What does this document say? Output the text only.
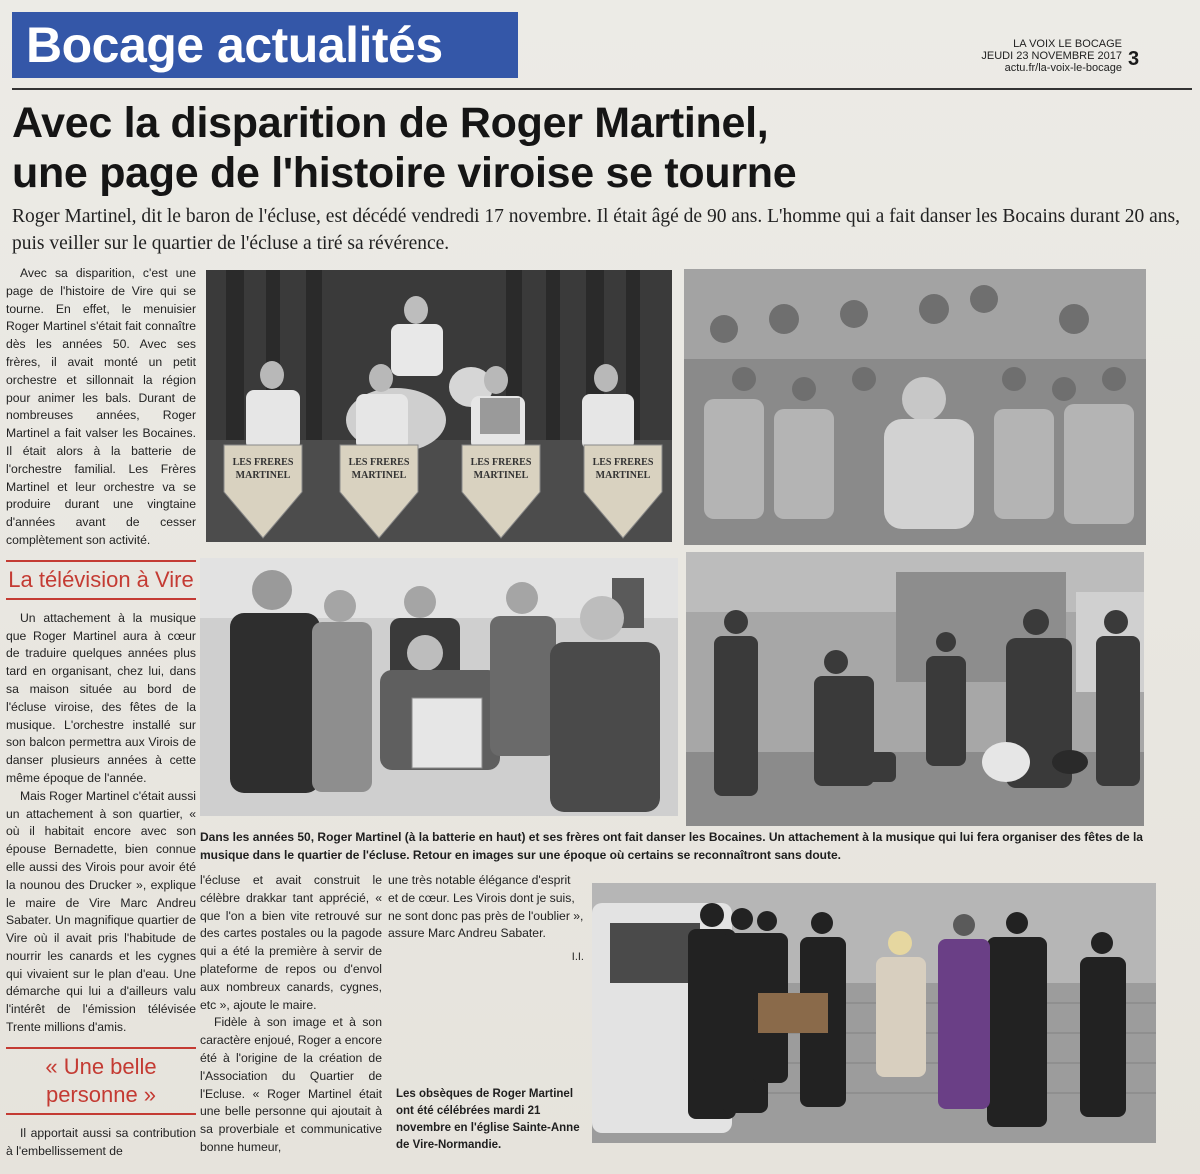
Bocage actualités	LA VOIX LE BOCAGE
JEUDI 23 NOVEMBRE 2017
actu.fr/la-voix-le-bocage 3
Avec la disparition de Roger Martinel,
une page de l'histoire viroise se tourne
Roger Martinel, dit le baron de l'écluse, est décédé vendredi 17 novembre. Il était âgé de 90 ans. L'homme qui a fait danser les Bocains durant 20 ans, puis veiller sur le quartier de l'écluse a tiré sa révérence.

Avec sa disparition, c'est une page de l'histoire de Vire qui se tourne. En effet, le menuisier Roger Martinel s'était fait connaître dès les années 50. Avec ses frères, il avait monté un petit orchestre et sillonnait la région pour animer les bals. Durant de nombreuses années, Roger Martinel a fait valser les Bocaines. Il était alors à la batterie de l'orchestre familial. Les Frères Martinel et leur orchestre va se produire durant une vingtaine d'années avant de cesser complètement son activité.

La télévision à Vire

Un attachement à la musique que Roger Martinel aura à cœur de traduire quelques années plus tard en organisant, chez lui, dans sa maison située au bord de l'écluse viroise, des fêtes de la musique. L'orchestre installé sur son balcon permettra aux Virois de danser plusieurs années à cette même époque de l'année.

Mais Roger Martinel c'était aussi un attachement à son quartier, « où il habitait encore avec son épouse Bernadette, bien connue elle aussi des Virois pour avoir été la nounou des Drucker », explique le maire de Vire Marc Andreu Sabater. Un magnifique quartier de Vire où il avait pris l'habitude de nourrir les canards et les cygnes qui vivaient sur le plan d'eau. Une démarche qui lui a d'ailleurs valu l'intérêt de l'émission télévisée Trente millions d'amis.

« Une belle personne »

Il apportait aussi sa contribution à l'embellissement de

LES FRERES
MARTINEL
LES FRERES
MARTINEL
LES FRERES
MARTINEL
LES FRERES
MARTINEL
Dans les années 50, Roger Martinel (à la batterie en haut) et ses frères ont fait danser les Bocaines. Un attachement à la musique qui lui fera organiser des fêtes de la musique dans le quartier de l'écluse. Retour en images sur une époque où certains se reconnaîtront sans doute.

l'écluse et avait construit le célèbre drakkar tant apprécié, « que l'on a bien vite retrouvé sur des cartes postales ou la pagode qui a été la première à servir de plateforme de repos ou d'envol aux nombreux canards, cygnes, etc », ajoute le maire.

Fidèle à son image et à son caractère enjoué, Roger a encore été à l'origine de la création de l'Association du Quartier de l'Ecluse. « Roger Martinel était une belle personne qui ajoutait à sa proverbiale et communicative bonne humeur,

une très notable élégance d'esprit et de cœur. Les Virois dont je suis, ne sont donc pas près de l'oublier », assure Marc Andreu Sabater.

I.I.

Les obsèques de Roger Martinel ont été célébrées mardi 21 novembre en l'église Sainte-Anne de Vire-Normandie.
